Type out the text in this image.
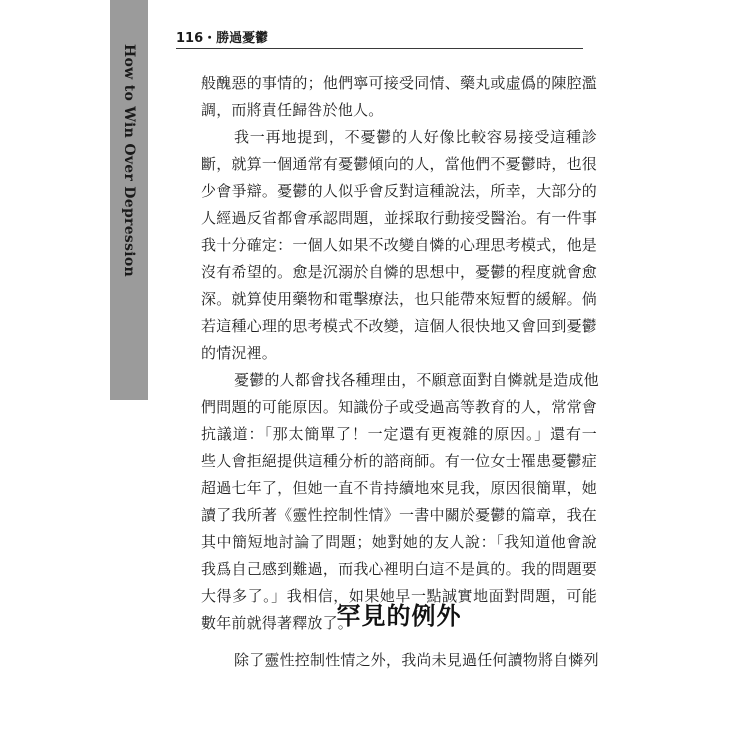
How to Win Over Depression
116・勝過憂鬱
般醜惡的事情的；他們寧可接受同情、藥丸或虛僞的陳腔濫
調，而將責任歸咎於他人。
我一再地提到，不憂鬱的人好像比較容易接受這種診
斷，就算一個通常有憂鬱傾向的人，當他們不憂鬱時，也很
少會爭辯。憂鬱的人似乎會反對這種說法，所幸，大部分的
人經過反省都會承認問題，並採取行動接受醫治。有一件事
我十分確定：一個人如果不改變自憐的心理思考模式，他是
沒有希望的。愈是沉溺於自憐的思想中，憂鬱的程度就會愈
深。就算使用藥物和電擊療法，也只能帶來短暫的緩解。倘
若這種心理的思考模式不改變，這個人很快地又會回到憂鬱
的情況裡。
憂鬱的人都會找各種理由，不願意面對自憐就是造成他
們問題的可能原因。知識份子或受過高等教育的人，常常會
抗議道：「那太簡單了！一定還有更複雜的原因。」還有一
些人會拒絕提供這種分析的諮商師。有一位女士罹患憂鬱症
超過七年了，但她一直不肯持續地來見我，原因很簡單，她
讀了我所著《靈性控制性情》一書中關於憂鬱的篇章，我在
其中簡短地討論了問題；她對她的友人說：「我知道他會說
我爲自己感到難過，而我心裡明白這不是眞的。我的問題要
大得多了。」我相信，如果她早一點誠實地面對問題，可能
數年前就得著釋放了。
罕見的例外
除了靈性控制性情之外，我尚未見過任何讀物將自憐列
